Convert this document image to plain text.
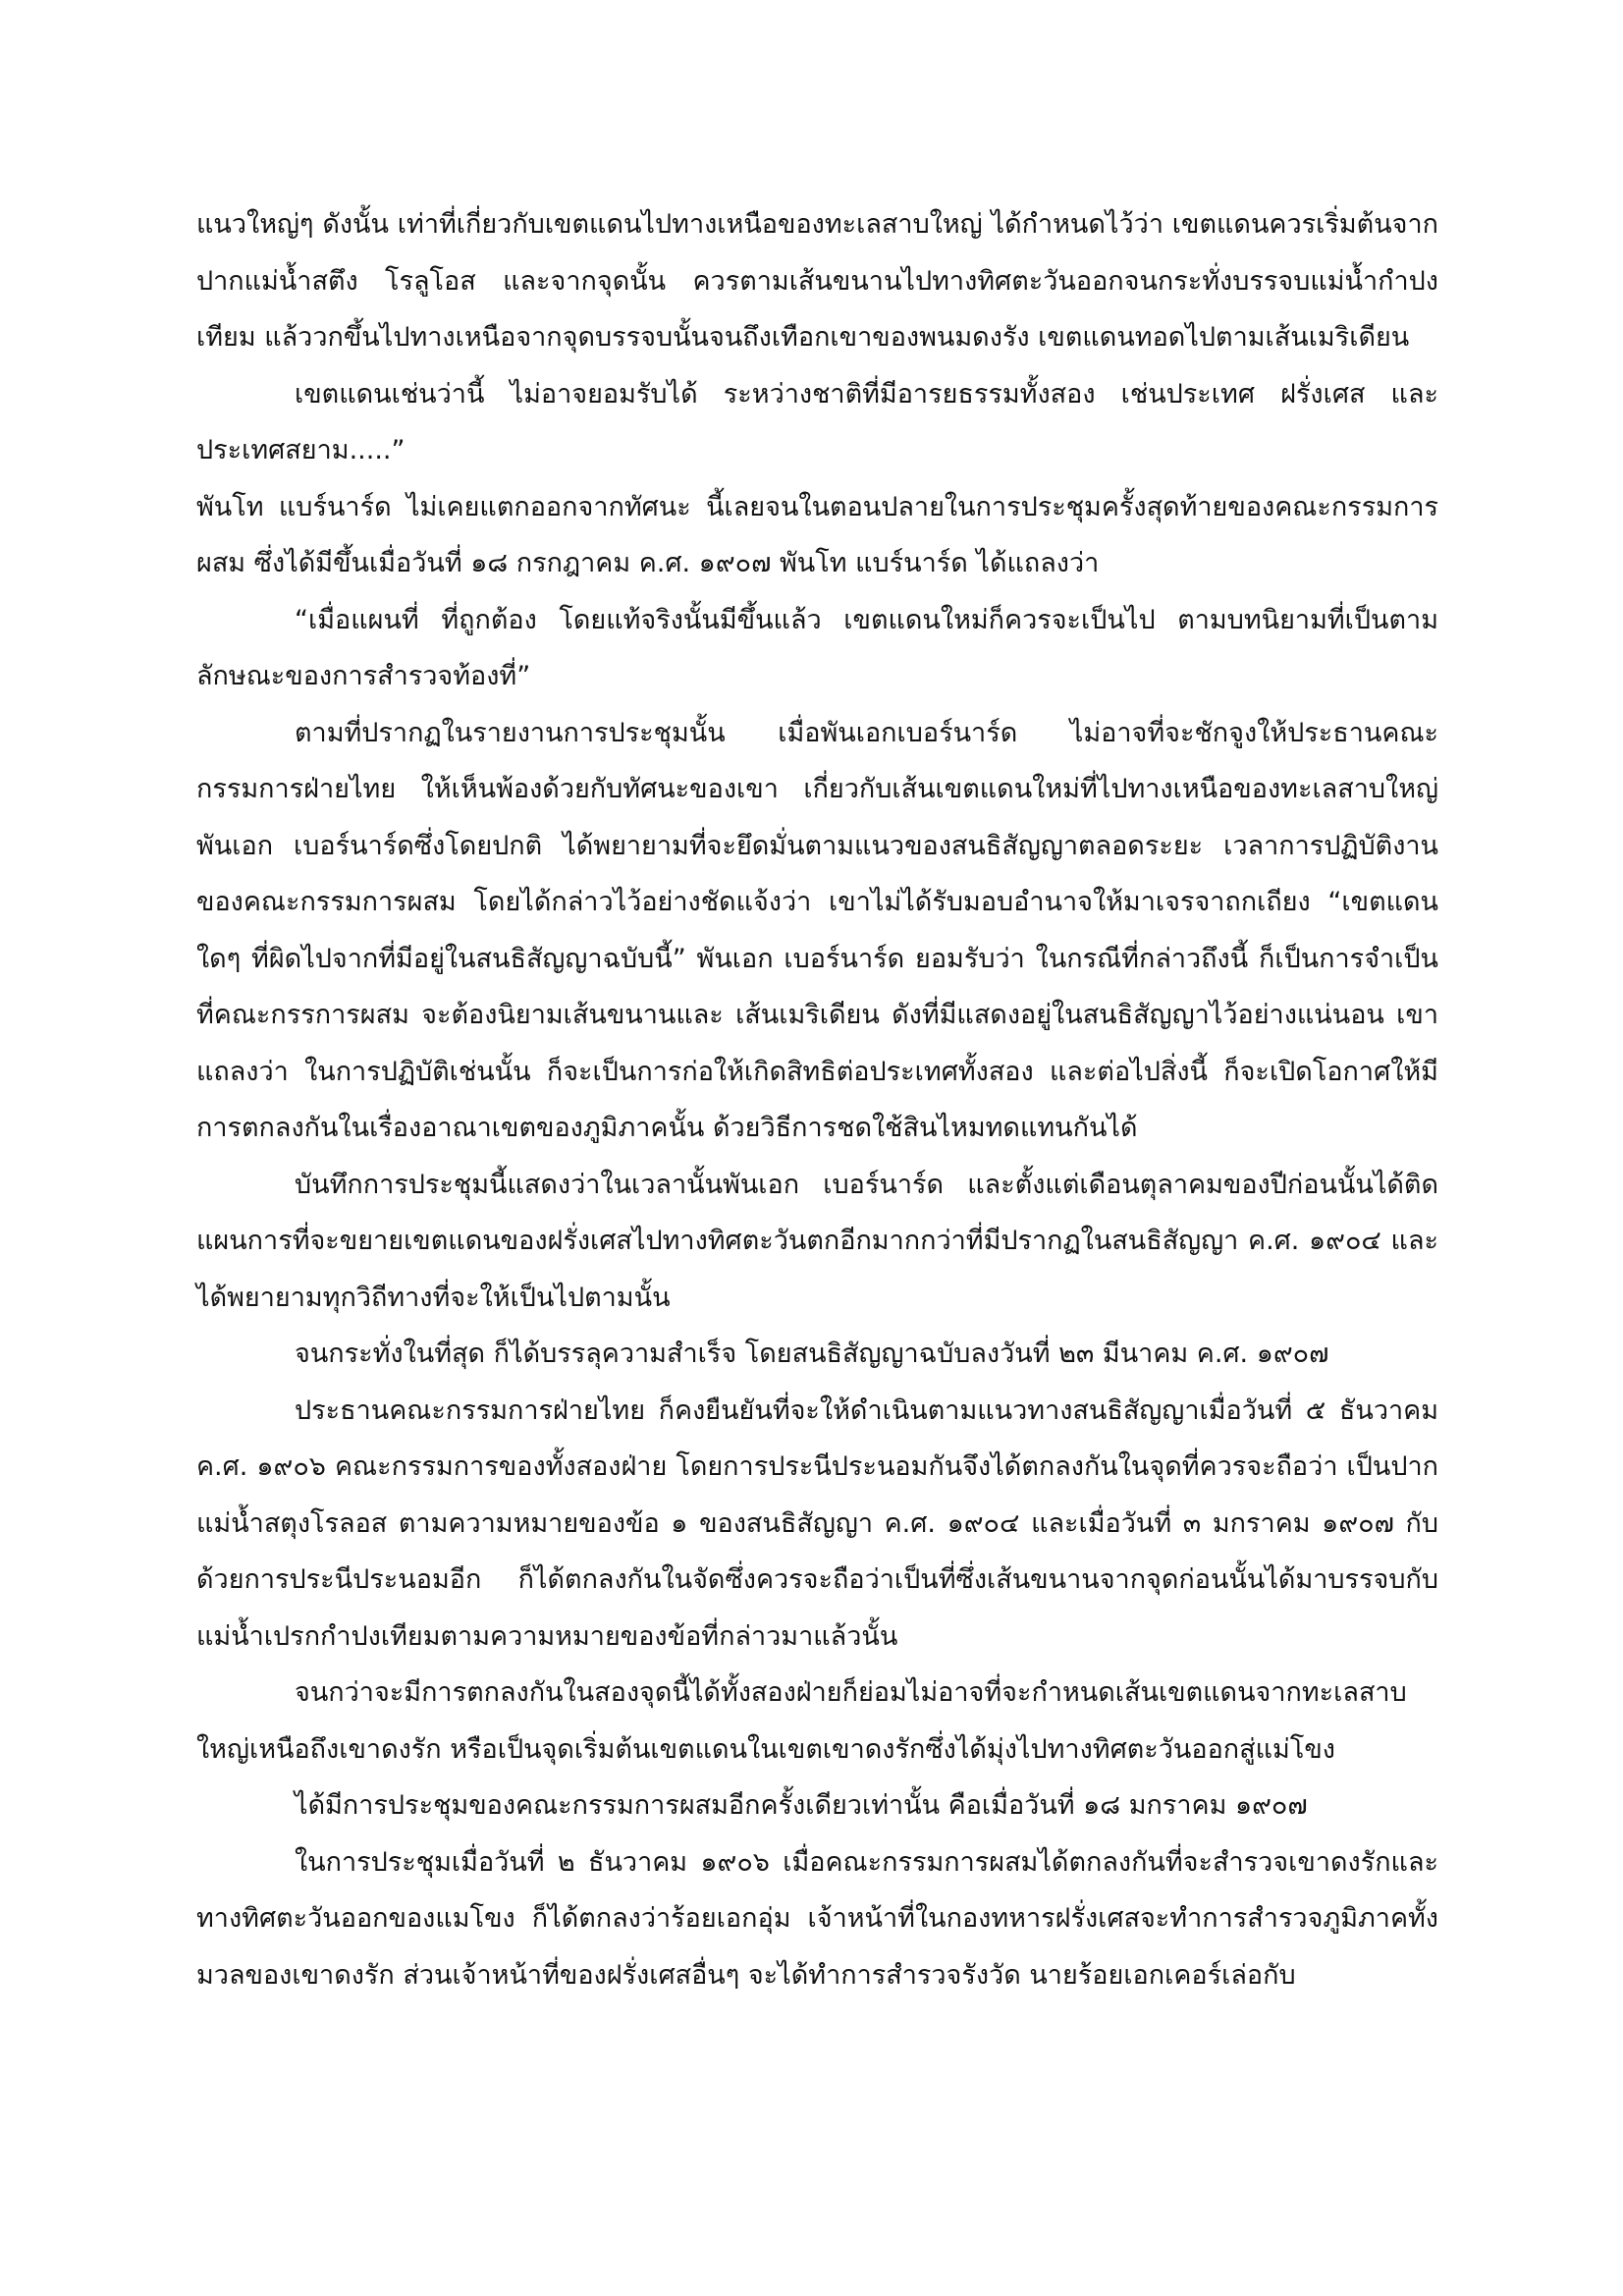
แนวใหญ่ๆ ดังนั้น เท่าที่เกี่ยวกับเขตแดนไปทางเหนือของทะเลสาบใหญ่ ได้กำหนดไว้ว่า เขตแดนควรเริ่มต้นจากปากแม่น้ำสตึง โรลูโอส และจากจุดนั้น ควรตามเส้นขนานไปทางทิศตะวันออกจนกระทั่งบรรจบแม่น้ำกำปงเทียม แล้ววกขึ้นไปทางเหนือจากจุดบรรจบนั้นจนถึงเทือกเขาของพนมดงรัง เขตแดนทอดไปตามเส้นเมริเดียน

เขตแดนเช่นว่านี้ ไม่อาจยอมรับได้ ระหว่างชาติที่มีอารยธรรมทั้งสอง เช่นประเทศ ฝรั่งเศส และประเทศสยาม.....”

พันโท แบร์นาร์ด ไม่เคยแตกออกจากทัศนะ นี้เลยจนในตอนปลายในการประชุมครั้งสุดท้ายของคณะกรรมการผสม ซึ่งได้มีขึ้นเมื่อวันที่ ๑๘ กรกฎาคม ค.ศ. ๑๙๐๗ พันโท แบร์นาร์ด ได้แถลงว่า

“เมื่อแผนที่ ที่ถูกต้อง โดยแท้จริงนั้นมีขึ้นแล้ว เขตแดนใหม่ก็ควรจะเป็นไป ตามบทนิยามที่เป็นตามลักษณะของการสำรวจท้องที่”

ตามที่ปรากฏในรายงานการประชุมนั้น เมื่อพันเอกเบอร์นาร์ด ไม่อาจที่จะชักจูงให้ประธานคณะกรรมการฝ่ายไทย ให้เห็นพ้องด้วยกับทัศนะของเขา เกี่ยวกับเส้นเขตแดนใหม่ที่ไปทางเหนือของทะเลสาบใหญ่ พันเอก เบอร์นาร์ดซึ่งโดยปกติ ได้พยายามที่จะยึดมั่นตามแนวของสนธิสัญญาตลอดระยะ เวลาการปฏิบัติงานของคณะกรรมการผสม โดยได้กล่าวไว้อย่างชัดแจ้งว่า เขาไม่ได้รับมอบอำนาจให้มาเจรจาถกเถียง “เขตแดนใดๆ ที่ผิดไปจากที่มีอยู่ในสนธิสัญญาฉบับนี้” พันเอก เบอร์นาร์ด ยอมรับว่า ในกรณีที่กล่าวถึงนี้ ก็เป็นการจำเป็นที่คณะกรรการผสม จะต้องนิยามเส้นขนานและ เส้นเมริเดียน ดังที่มีแสดงอยู่ในสนธิสัญญาไว้อย่างแน่นอน เขาแถลงว่า ในการปฏิบัติเช่นนั้น ก็จะเป็นการก่อให้เกิดสิทธิต่อประเทศทั้งสอง และต่อไปสิ่งนี้ ก็จะเปิดโอกาศให้มีการตกลงกันในเรื่องอาณาเขตของภูมิภาคนั้น ด้วยวิธีการชดใช้สินไหมทดแทนกันได้

บันทึกการประชุมนี้แสดงว่าในเวลานั้นพันเอก เบอร์นาร์ด และตั้งแต่เดือนตุลาคมของปีก่อนนั้นได้ติดแผนการที่จะขยายเขตแดนของฝรั่งเศสไปทางทิศตะวันตกอีกมากกว่าที่มีปรากฏในสนธิสัญญา ค.ศ. ๑๙๐๔ และได้พยายามทุกวิถีทางที่จะให้เป็นไปตามนั้น

จนกระทั่งในที่สุด ก็ได้บรรลุความสำเร็จ โดยสนธิสัญญาฉบับลงวันที่ ๒๓ มีนาคม ค.ศ. ๑๙๐๗

ประธานคณะกรรมการฝ่ายไทย ก็คงยืนยันที่จะให้ดำเนินตามแนวทางสนธิสัญญาเมื่อวันที่ ๕ ธันวาคม ค.ศ. ๑๙๐๖ คณะกรรมการของทั้งสองฝ่าย โดยการประนีประนอมกันจึงได้ตกลงกันในจุดที่ควรจะถือว่า เป็นปากแม่น้ำสตุงโรลอส ตามความหมายของข้อ ๑ ของสนธิสัญญา ค.ศ. ๑๙๐๔ และเมื่อวันที่ ๓ มกราคม ๑๙๐๗ กับด้วยการประนีประนอมอีก ก็ได้ตกลงกันในจัดซึ่งควรจะถือว่าเป็นที่ซึ่งเส้นขนานจากจุดก่อนนั้นได้มาบรรจบกับแม่น้ำเปรกกำปงเทียมตามความหมายของข้อที่กล่าวมาแล้วนั้น

จนกว่าจะมีการตกลงกันในสองจุดนี้ได้ทั้งสองฝ่ายก็ย่อมไม่อาจที่จะกำหนดเส้นเขตแดนจากทะเลสาบใหญ่เหนือถึงเขาดงรัก หรือเป็นจุดเริ่มต้นเขตแดนในเขตเขาดงรักซึ่งได้มุ่งไปทางทิศตะวันออกสู่แม่โขง

ได้มีการประชุมของคณะกรรมการผสมอีกครั้งเดียวเท่านั้น คือเมื่อวันที่ ๑๘ มกราคม ๑๙๐๗

ในการประชุมเมื่อวันที่ ๒ ธันวาคม ๑๙๐๖ เมื่อคณะกรรมการผสมได้ตกลงกันที่จะสำรวจเขาดงรักและทางทิศตะวันออกของแมโขง ก็ได้ตกลงว่าร้อยเอกอุ่ม เจ้าหน้าที่ในกองทหารฝรั่งเศสจะทำการสำรวจภูมิภาคทั้งมวลของเขาดงรัก ส่วนเจ้าหน้าที่ของฝรั่งเศสอื่นๆ จะได้ทำการสำรวจรังวัด นายร้อยเอกเคอร์เล่อกับ
